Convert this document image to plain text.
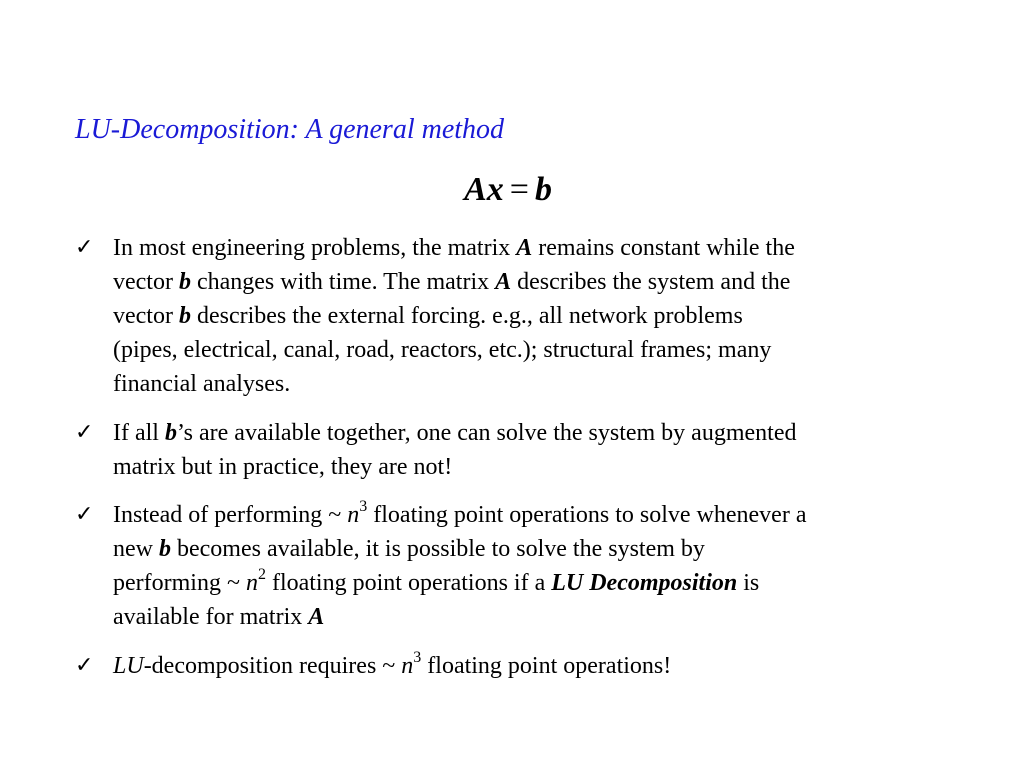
LU-Decomposition: A general method
Ax = b
✓ In most engineering problems, the matrix A remains constant while the
vector b changes with time. The matrix A describes the system and the
vector b describes the external forcing. e.g., all network problems
(pipes, electrical, canal, road, reactors, etc.); structural frames; many
financial analyses.
✓ If all b’s are available together, one can solve the system by augmented
matrix but in practice, they are not!
✓ Instead of performing ~ $n^3$ floating point operations to solve whenever a
new b becomes available, it is possible to solve the system by
performing ~ $n^2$ floating point operations if a LU Decomposition is
available for matrix A
✓ LU-decomposition requires ~ $n^3$ floating point operations!
